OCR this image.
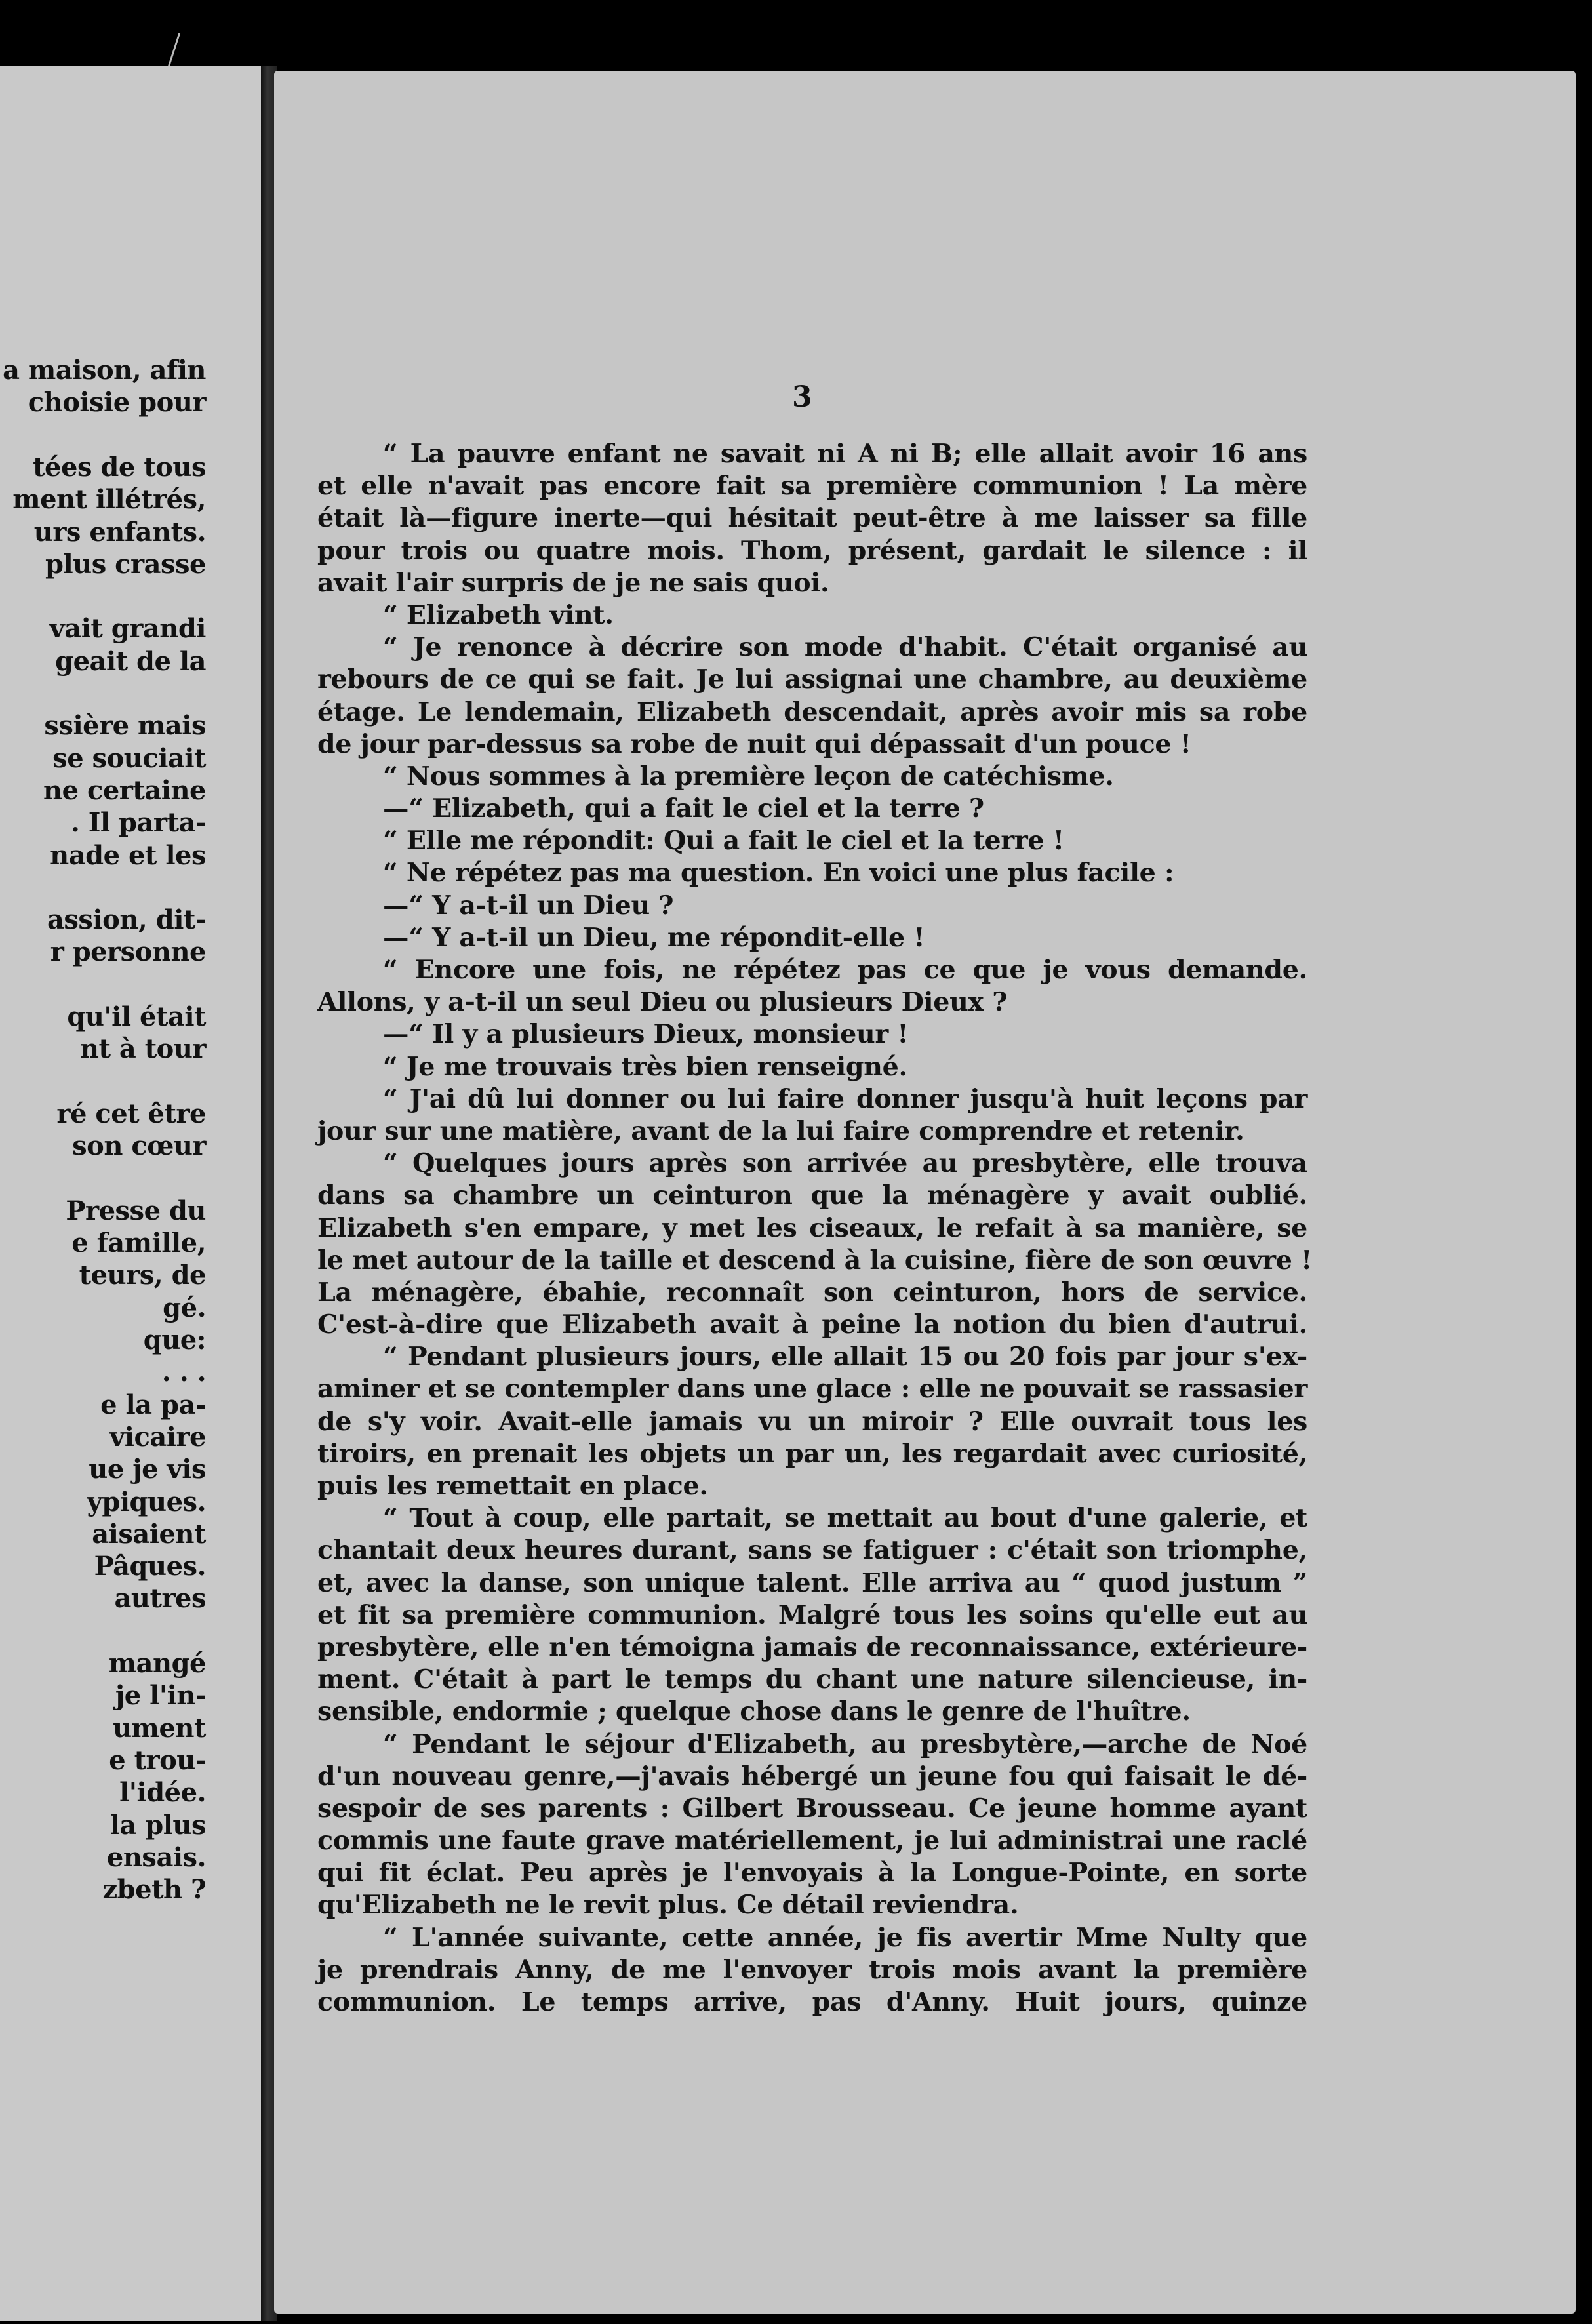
a maison, afin
choisie pour
tées de tous
ment illétrés,
urs enfants.
plus crasse
vait grandi
geait de la
ssière mais
se souciait
ne certaine
. Il parta-
nade et les
assion, dit-
r personne
qu'il était
nt à tour
ré cet être
son cœur
Presse du
e famille,
teurs, de
gé.
que:
. . .
e la pa-
vicaire
ue je vis
ypiques.
aisaient
Pâques.
autres
mangé
je l'in-
ument
e trou-
l'idée.
la plus
ensais.
zbeth ?
3
“ La pauvre enfant ne savait ni A ni B; elle allait avoir 16 ans
et elle n'avait pas encore fait sa première communion ! La mère
était là—figure inerte—qui hésitait peut-être à me laisser sa fille
pour trois ou quatre mois. Thom, présent, gardait le silence : il
avait l'air surpris de je ne sais quoi.
“ Elizabeth vint.
“ Je renonce à décrire son mode d'habit. C'était organisé au
rebours de ce qui se fait. Je lui assignai une chambre, au deuxième
étage. Le lendemain, Elizabeth descendait, après avoir mis sa robe
de jour par-dessus sa robe de nuit qui dépassait d'un pouce !
“ Nous sommes à la première leçon de catéchisme.
—“ Elizabeth, qui a fait le ciel et la terre ?
“ Elle me répondit: Qui a fait le ciel et la terre !
“ Ne répétez pas ma question. En voici une plus facile :
—“ Y a-t-il un Dieu ?
—“ Y a-t-il un Dieu, me répondit-elle !
“ Encore une fois, ne répétez pas ce que je vous demande.
Allons, y a-t-il un seul Dieu ou plusieurs Dieux ?
—“ Il y a plusieurs Dieux, monsieur !
“ Je me trouvais très bien renseigné.
“ J'ai dû lui donner ou lui faire donner jusqu'à huit leçons par
jour sur une matière, avant de la lui faire comprendre et retenir.
“ Quelques jours après son arrivée au presbytère, elle trouva
dans sa chambre un ceinturon que la ménagère y avait oublié.
Elizabeth s'en empare, y met les ciseaux, le refait à sa manière, se
le met autour de la taille et descend à la cuisine, fière de son œuvre !
La ménagère, ébahie, reconnaît son ceinturon, hors de service.
C'est-à-dire que Elizabeth avait à peine la notion du bien d'autrui.
“ Pendant plusieurs jours, elle allait 15 ou 20 fois par jour s'ex-
aminer et se contempler dans une glace : elle ne pouvait se rassasier
de s'y voir. Avait-elle jamais vu un miroir ? Elle ouvrait tous les
tiroirs, en prenait les objets un par un, les regardait avec curiosité,
puis les remettait en place.
“ Tout à coup, elle partait, se mettait au bout d'une galerie, et
chantait deux heures durant, sans se fatiguer : c'était son triomphe,
et, avec la danse, son unique talent. Elle arriva au “ quod justum ”
et fit sa première communion. Malgré tous les soins qu'elle eut au
presbytère, elle n'en témoigna jamais de reconnaissance, extérieure-
ment. C'était à part le temps du chant une nature silencieuse, in-
sensible, endormie ; quelque chose dans le genre de l'huître.
“ Pendant le séjour d'Elizabeth, au presbytère,—arche de Noé
d'un nouveau genre,—j'avais hébergé un jeune fou qui faisait le dé-
sespoir de ses parents : Gilbert Brousseau. Ce jeune homme ayant
commis une faute grave matériellement, je lui administrai une raclé
qui fit éclat. Peu après je l'envoyais à la Longue-Pointe, en sorte
qu'Elizabeth ne le revit plus. Ce détail reviendra.
“ L'année suivante, cette année, je fis avertir Mme Nulty que
je prendrais Anny, de me l'envoyer trois mois avant la première
communion. Le temps arrive, pas d'Anny. Huit jours, quinze
